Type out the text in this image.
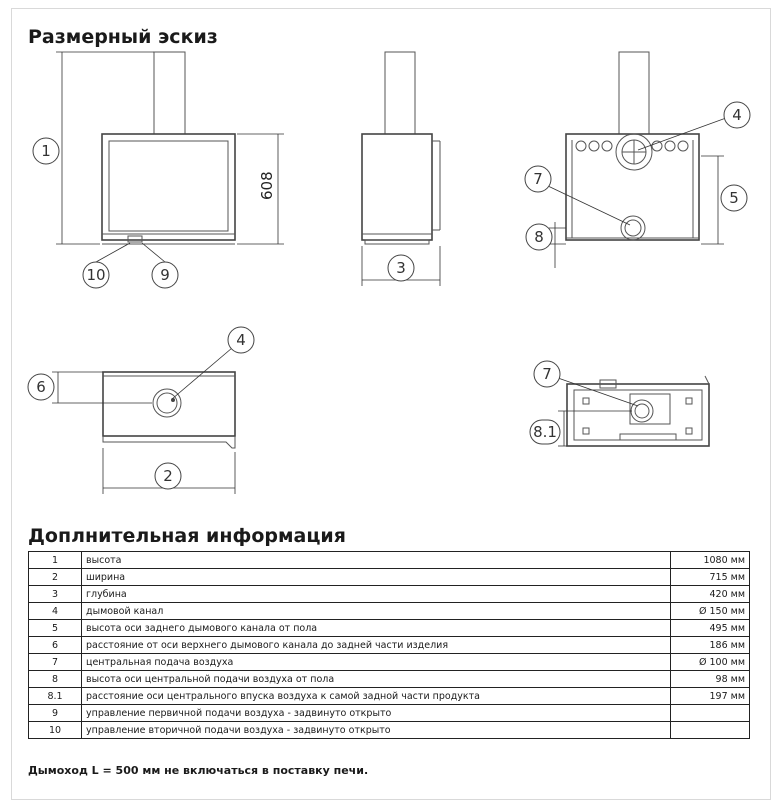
Размерный эскиз
608
1
10	9	3
5
8
7
4
6
2
4
8.1
7
Доплнительная информация
1	высота	1080 мм
2	ширина	715 мм
3	глубина	420 мм
4	дымовой канал	Ø 150 мм
5	высота оси заднего дымового канала от пола	495 мм
6	расстояние от оси верхнего дымового канала до задней части изделия	186 мм
7	центральная подача воздуха	Ø 100 мм
8	высота оси центральной подачи воздуха от пола	98 мм
8.1	расстояние оси центрального впуска воздуха к самой задной части продукта	197 мм
9	управление первичной подачи воздуха - задвинуто открыто	
10	управление вторичной подачи воздуха - задвинуто открыто	
Дымоход L = 500 мм не включаться в поставку печи.
